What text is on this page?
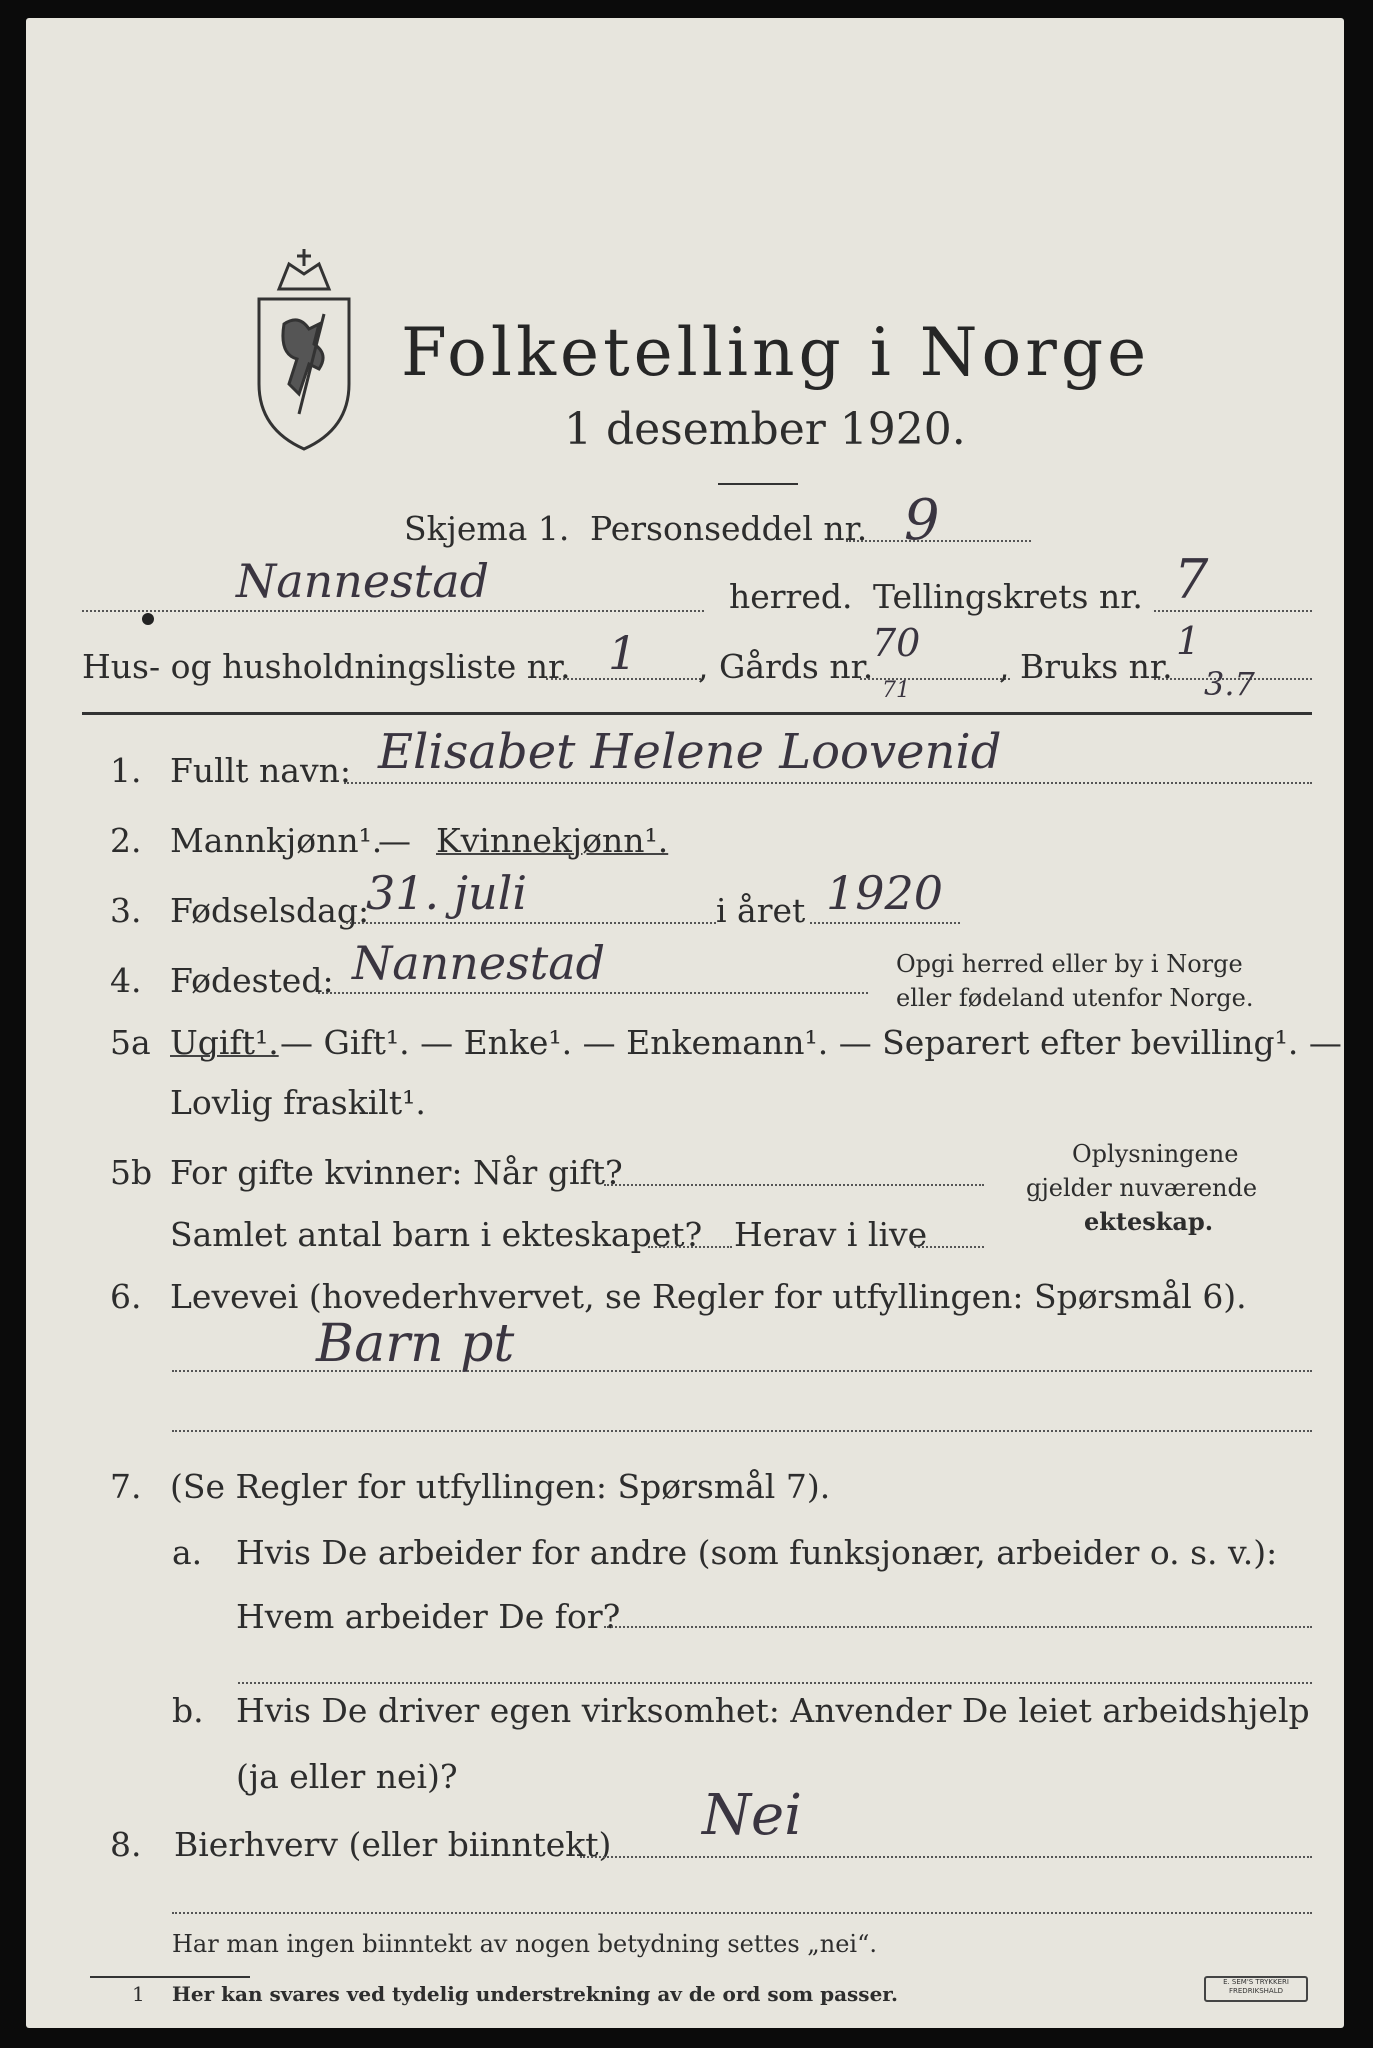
Folketelling i Norge
1 desember 1920.
Skjema 1. Personseddel nr. 9
Nannestad	herred. Tellingskrets nr. 7
Hus- og husholdningsliste nr. 1 , Gårds nr.
70
71
, Bruks nr.
1
3.7
1. Fullt navn: Elisabet Helene Loovenid
2. Mannkjønn¹.
— Kvinnekjønn¹.
3. Fødselsdag:
31. juli	i året 1920
4. Fødested: Nannestad	Opgi herred eller by i Norge
eller fødeland utenfor Norge.
5a Ugift¹. — Gift¹. — Enke¹. — Enkemann¹. — Separert efter bevilling¹. —
Lovlig fraskilt¹.
5b For gifte kvinner: Når gift?
Samlet antal barn i ekteskapet? Herav i live
Oplysningene
gjelder nuværende
ekteskap.
6. Levevei (hovederhvervet, se Regler for utfyllingen: Spørsmål 6).
Barn pt
7. (Se Regler for utfyllingen: Spørsmål 7).
a. Hvis De arbeider for andre (som funksjonær, arbeider o. s. v.):
Hvem arbeider De for?
b. Hvis De driver egen virksomhet: Anvender De leiet arbeidshjelp
(ja eller nei)?
8. Bierhverv (eller biinntekt) Nei
Har man ingen biinntekt av nogen betydning settes „nei“.
1 Her kan svares ved tydelig understrekning av de ord som passer.	E. SEM'S TRYKKERI FREDRIKSHALD
